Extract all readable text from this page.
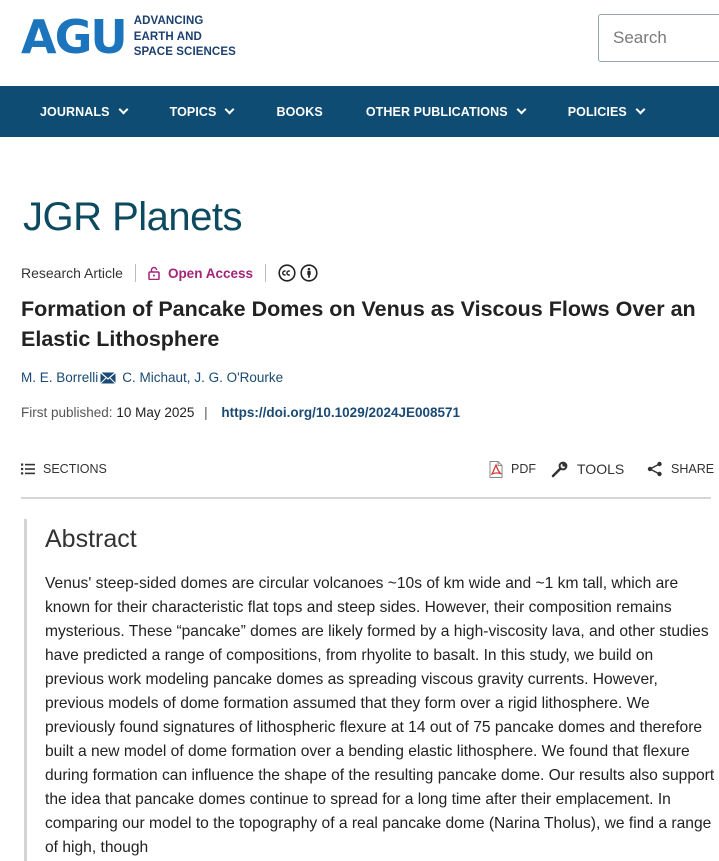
AGU ADVANCING
EARTH AND
SPACE SCIENCES
Search
JOURNALS	TOPICS	BOOKS	OTHER PUBLICATIONS	POLICIES
JGR Planets
Research Article	Open Access
Formation of Pancake Domes on Venus as Viscous Flows Over an Elastic Lithosphere
M. E. Borrelli C. Michaut , J. G. O'Rourke
First published: 10 May 2025 | https://doi.org/10.1029/2024JE008571
SECTIONS	PDF	TOOLS	SHARE
Abstract

Venus' steep-sided domes are circular volcanoes ~10s of km wide and ~1 km tall, which are known for their characteristic flat tops and steep sides. However, their composition remains mysterious. These “pancake” domes are likely formed by a high-viscosity lava, and other studies have predicted a range of compositions, from rhyolite to basalt. In this study, we build on previous work modeling pancake domes as spreading viscous gravity currents. However, previous models of dome formation assumed that they form over a rigid lithosphere. We previously found signatures of lithospheric flexure at 14 out of 75 pancake domes and therefore built a new model of dome formation over a bending elastic lithosphere. We found that flexure during formation can influence the shape of the resulting pancake dome. Our results also support the idea that pancake domes continue to spread for a long time after their emplacement. In comparing our model to the topography of a real pancake dome (Narina Tholus), we find a range of high, though
